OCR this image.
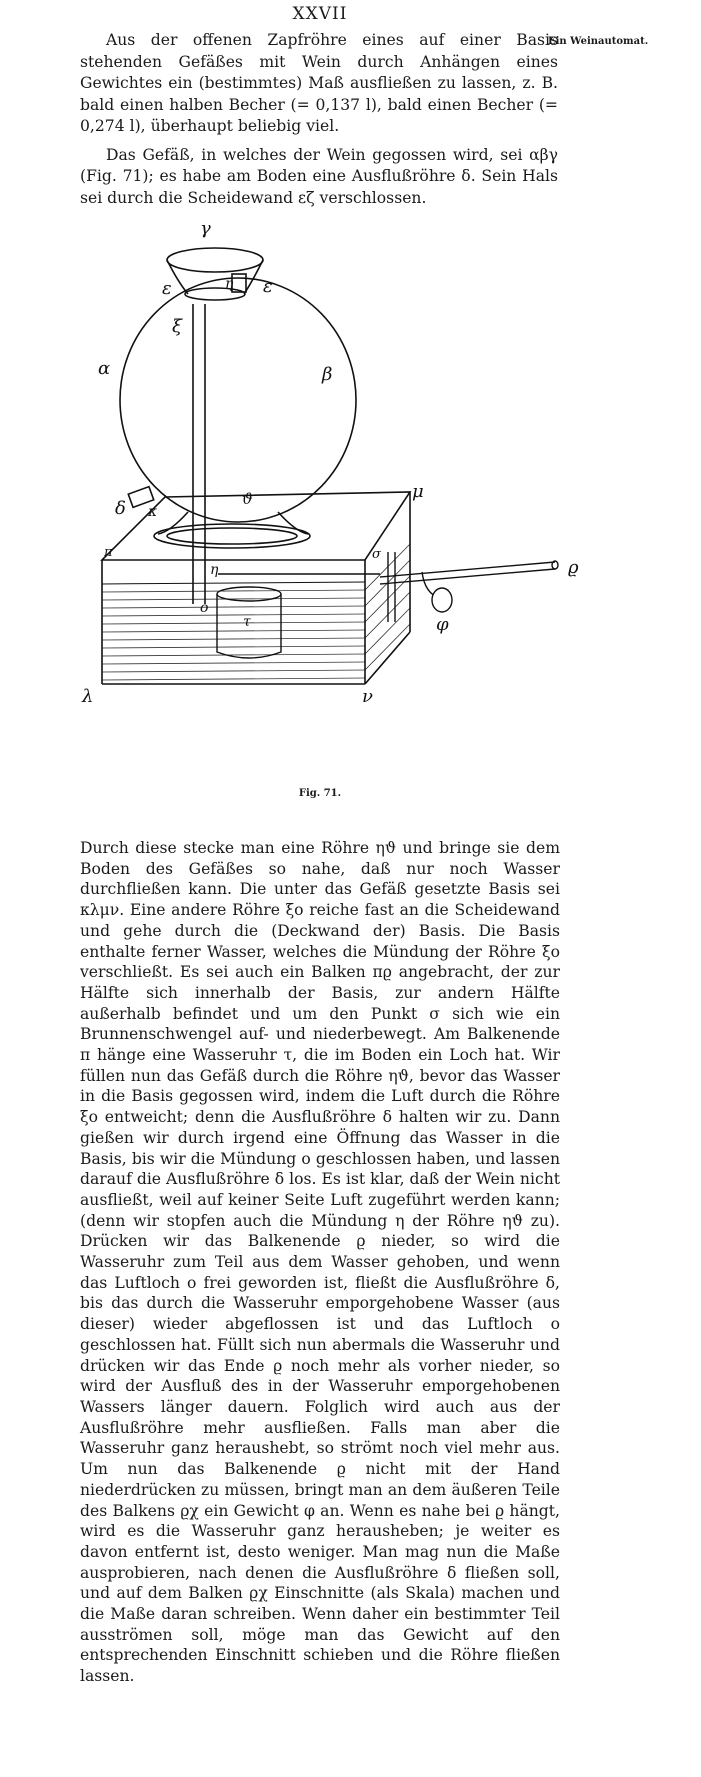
XXVII
Ein Weinautomat.

Aus der offenen Zapfröhre eines auf einer Basis stehenden Gefäßes mit Wein durch Anhängen eines Gewichtes ein (bestimmtes) Maß ausfließen zu lassen, z. B. bald einen halben Becher (= 0,137 l), bald einen Becher (= 0,274 l), überhaupt beliebig viel.

Das Gefäß, in welches der Wein gegossen wird, sei αβγ (Fig. 71); es habe am Boden eine Ausflußröhre δ. Sein Hals sei durch die Scheidewand εζ verschlossen.

γ
ε	ε
η
ξ
α	β
ϑ
δ κ
μ
ο
η	ϱ
φ
σ
π
τ
λ	ν
Fig. 71.

Durch diese stecke man eine Röhre ηϑ und bringe sie dem Boden des Gefäßes so nahe, daß nur noch Wasser durchfließen kann. Die unter das Gefäß gesetzte Basis sei κλμν. Eine andere Röhre ξο reiche fast an die Scheidewand und gehe durch die (Deckwand der) Basis. Die Basis enthalte ferner Wasser, welches die Mündung der Röhre ξο verschließt. Es sei auch ein Balken πϱ angebracht, der zur Hälfte sich innerhalb der Basis, zur andern Hälfte außerhalb befindet und um den Punkt σ sich wie ein Brunnenschwengel auf- und niederbewegt. Am Balkenende π hänge eine Wasseruhr τ, die im Boden ein Loch hat. Wir füllen nun das Gefäß durch die Röhre ηϑ, bevor das Wasser in die Basis gegossen wird, indem die Luft durch die Röhre ξο entweicht; denn die Ausflußröhre δ halten wir zu. Dann gießen wir durch irgend eine Öffnung das Wasser in die Basis, bis wir die Mündung ο geschlossen haben, und lassen darauf die Ausflußröhre δ los. Es ist klar, daß der Wein nicht ausfließt, weil auf keiner Seite Luft zugeführt werden kann; (denn wir stopfen auch die Mündung η der Röhre ηϑ zu). Drücken wir das Balkenende ϱ nieder, so wird die Wasseruhr zum Teil aus dem Wasser gehoben, und wenn das Luftloch ο frei geworden ist, fließt die Ausflußröhre δ, bis das durch die Wasseruhr emporgehobene Wasser (aus dieser) wieder abgeflossen ist und das Luftloch ο geschlossen hat. Füllt sich nun abermals die Wasseruhr und drücken wir das Ende ϱ noch mehr als vorher nieder, so wird der Ausfluß des in der Wasseruhr emporgehobenen Wassers länger dauern. Folglich wird auch aus der Ausflußröhre mehr ausfließen. Falls man aber die Wasseruhr ganz heraushebt, so strömt noch viel mehr aus. Um nun das Balkenende ϱ nicht mit der Hand niederdrücken zu müssen, bringt man an dem äußeren Teile des Balkens ϱχ ein Gewicht φ an. Wenn es nahe bei ϱ hängt, wird es die Wasseruhr ganz herausheben; je weiter es davon entfernt ist, desto weniger. Man mag nun die Maße ausprobieren, nach denen die Ausflußröhre δ fließen soll, und auf dem Balken ϱχ Einschnitte (als Skala) machen und die Maße daran schreiben. Wenn daher ein bestimmter Teil ausströmen soll, möge man das Gewicht auf den entsprechenden Einschnitt schieben und die Röhre fließen lassen.
